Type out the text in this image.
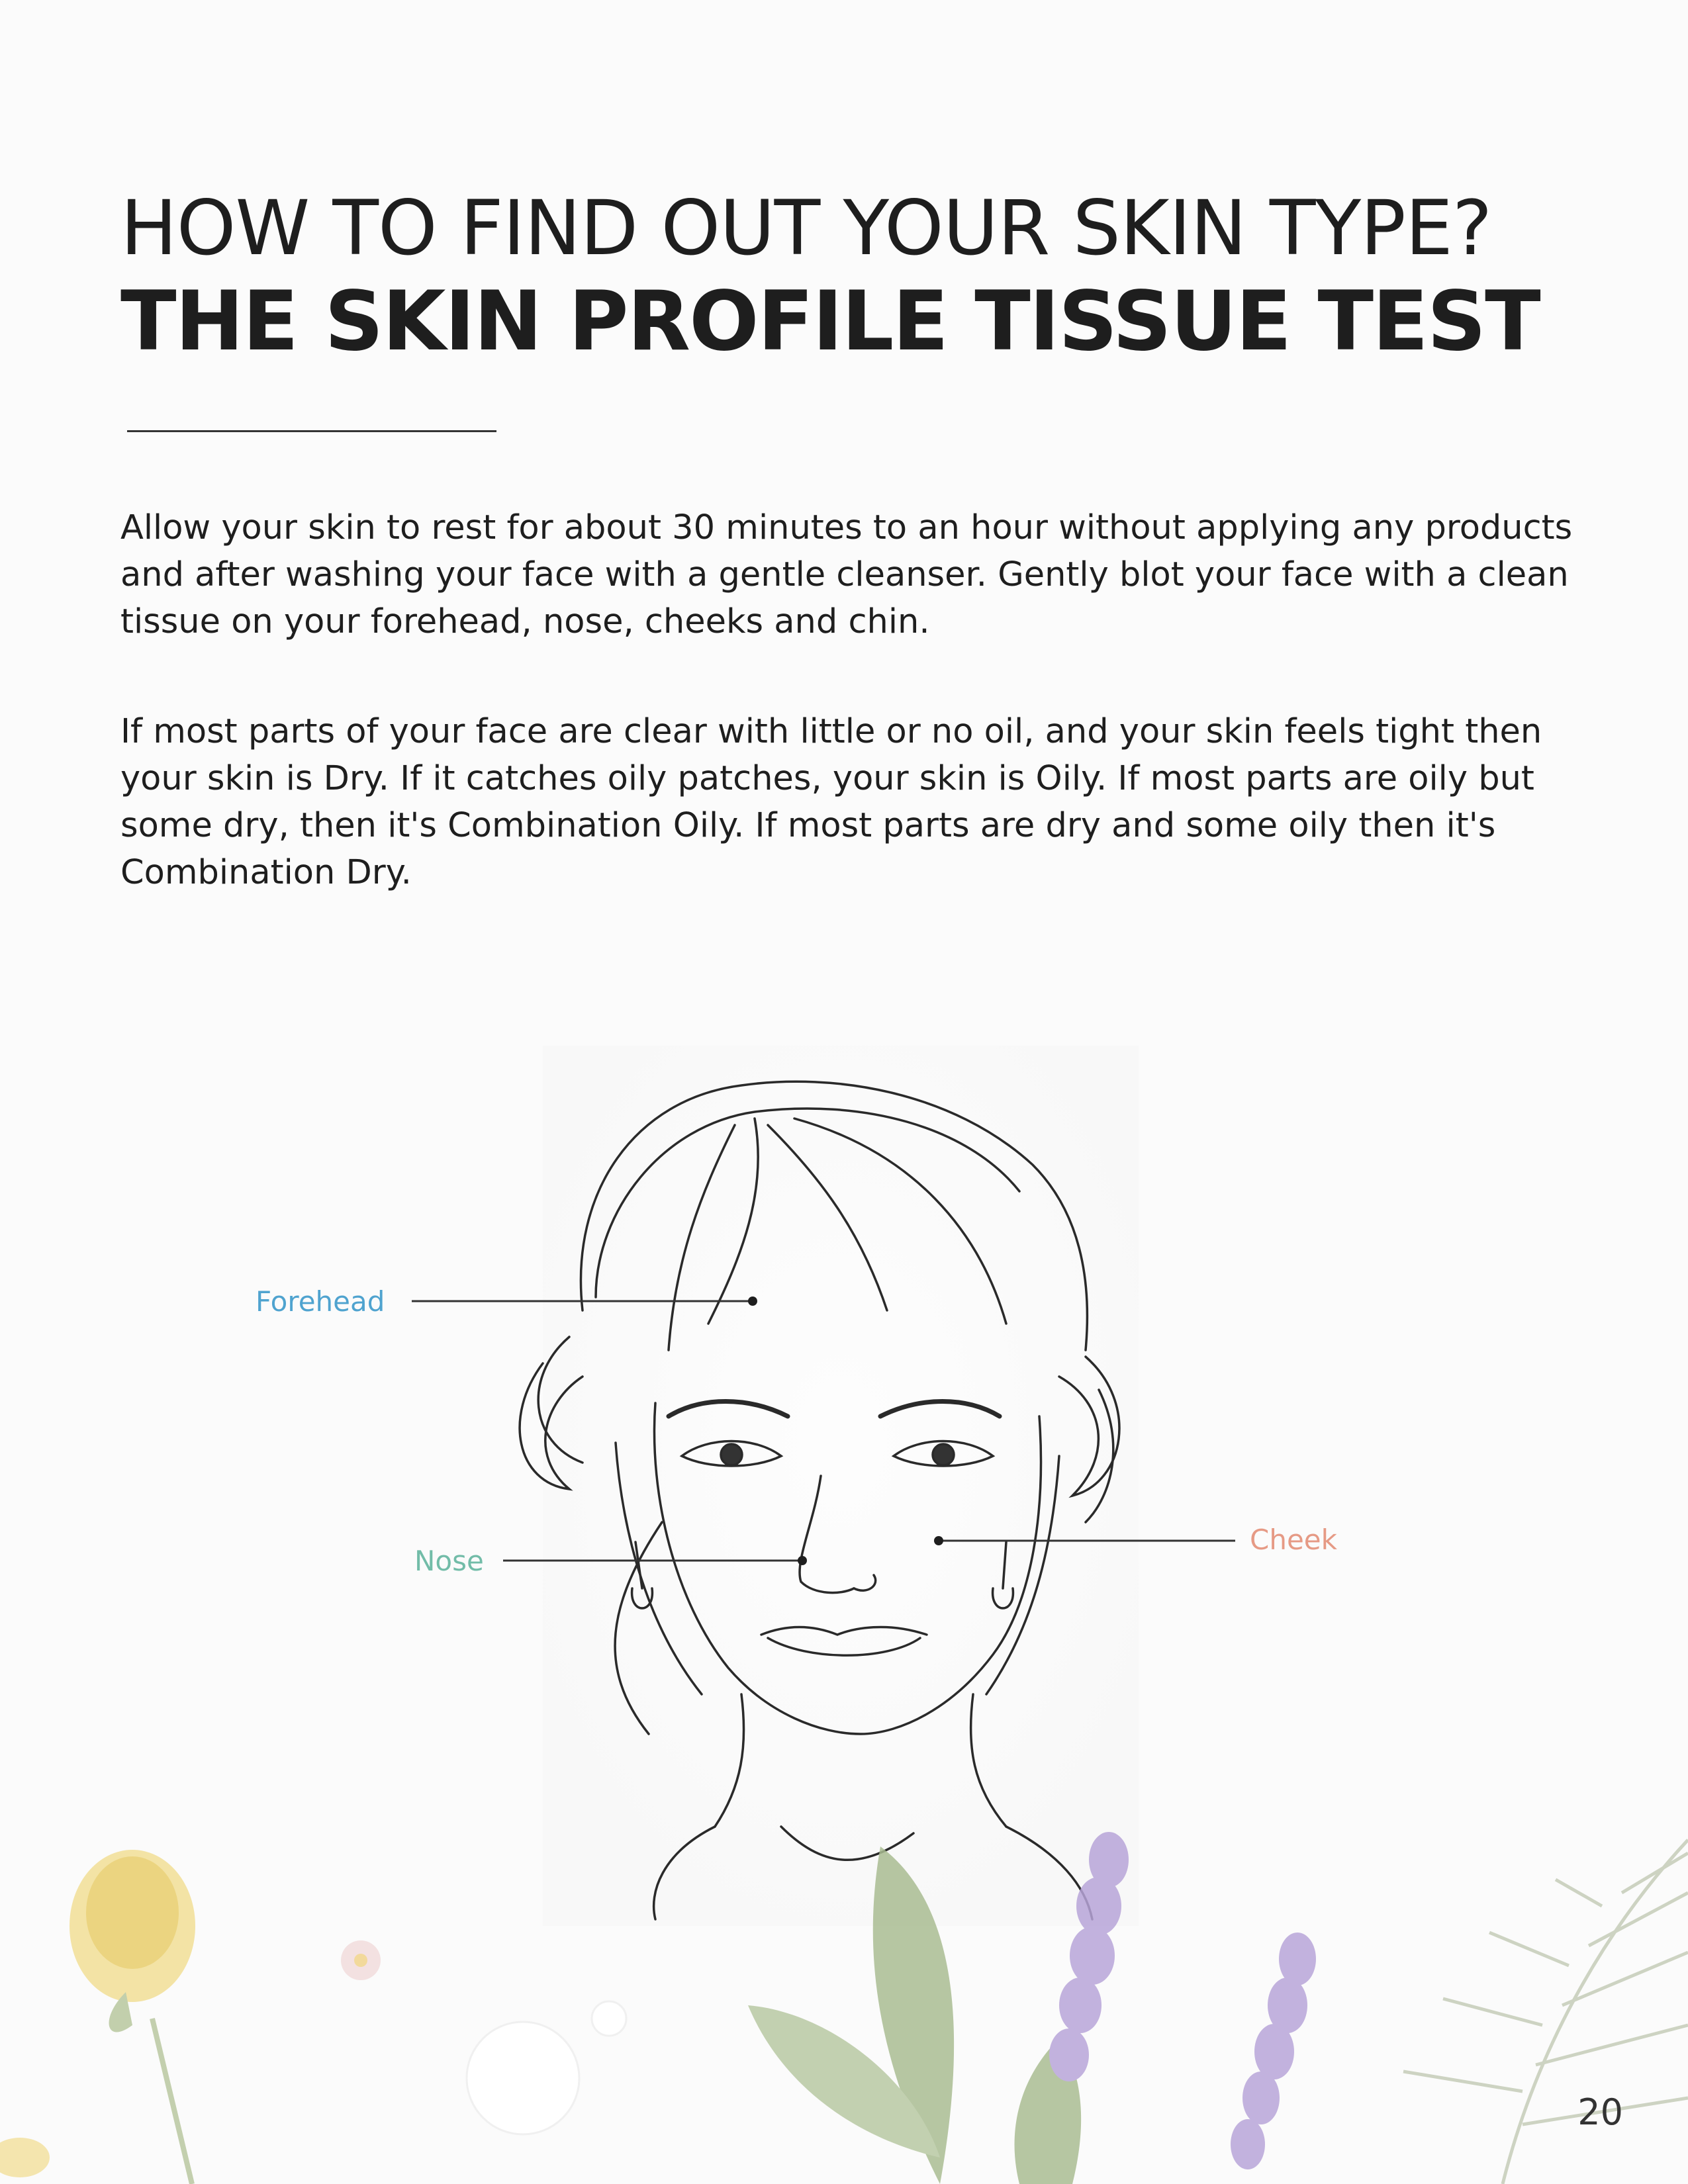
HOW TO FIND OUT YOUR SKIN TYPE?
THE SKIN PROFILE TISSUE TEST

Allow your skin to rest for about 30 minutes to an hour without applying any products and after washing your face with a gentle cleanser. Gently blot your face with a clean tissue on your forehead, nose, cheeks and chin.

If most parts of your face are clear with little or no oil, and your skin feels tight then your skin is Dry. If it catches oily patches, your skin is Oily. If most parts are oily but some dry, then it's Combination Oily. If most parts are dry and some oily then it's Combination Dry.

Forehead
Nose
Cheek
20
